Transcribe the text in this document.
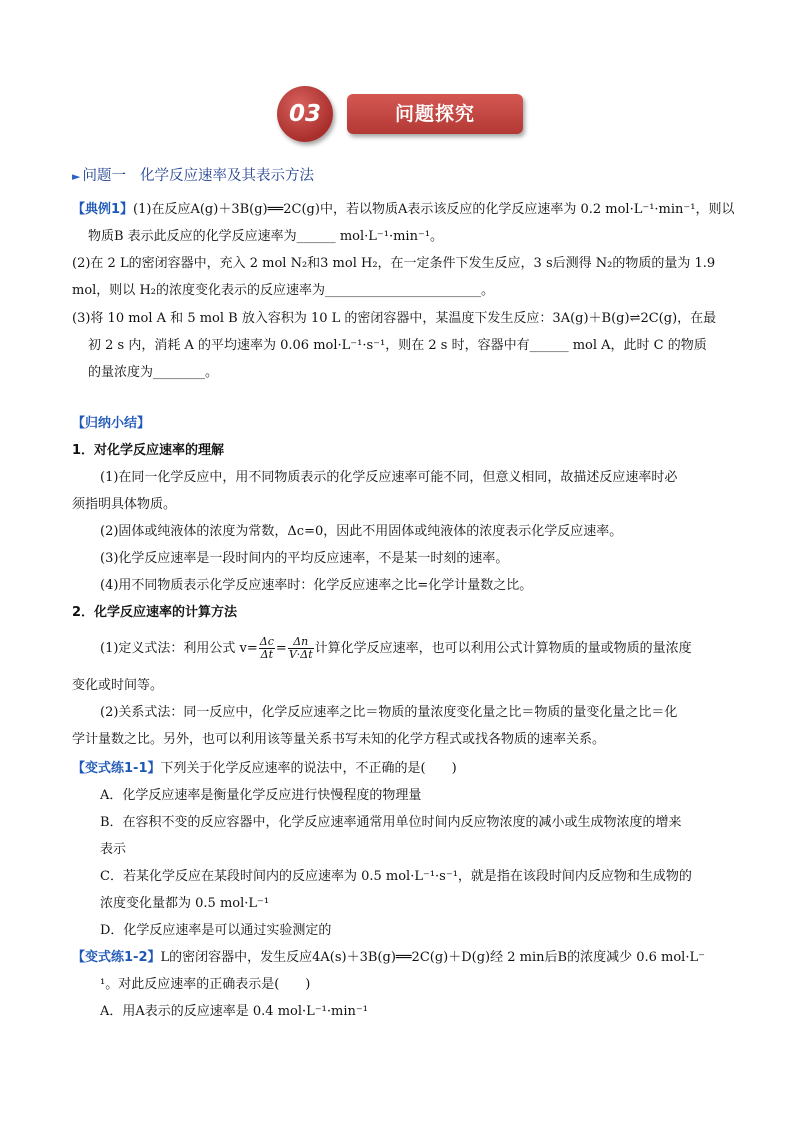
03	问题探究
► 问题一 化学反应速率及其表示方法
【典例1】(1)在反应A(g)＋3B(g)══2C(g)中，若以物质A表示该反应的化学反应速率为 0.2 mol·L⁻¹·min⁻¹，则以
物质B 表示此反应的化学反应速率为______ mol·L⁻¹·min⁻¹。
(2)在 2 L的密闭容器中，充入 2 mol N₂和3 mol H₂，在一定条件下发生反应，3 s后测得 N₂的物质的量为 1.9
mol，则以 H₂的浓度变化表示的反应速率为________________________。
(3)将 10 mol A 和 5 mol B 放入容积为 10 L 的密闭容器中，某温度下发生反应：3A(g)＋B(g)⇌2C(g)，在最
初 2 s 内，消耗 A 的平均速率为 0.06 mol·L⁻¹·s⁻¹，则在 2 s 时，容器中有______ mol A，此时 C 的物质
的量浓度为________。
【归纳小结】
1．对化学反应速率的理解
(1)在同一化学反应中，用不同物质表示的化学反应速率可能不同，但意义相同，故描述反应速率时必
须指明具体物质。
(2)固体或纯液体的浓度为常数，Δc=0，因此不用固体或纯液体的浓度表示化学反应速率。
(3)化学反应速率是一段时间内的平均反应速率，不是某一时刻的速率。
(4)用不同物质表示化学反应速率时：化学反应速率之比=化学计量数之比。
2．化学反应速率的计算方法
(1)定义式法：利用公式 $v= \frac{\Delta c}{\Delta t} = \frac{\Delta n}{V\cdot\Delta t}$ 计算化学反应速率，也可以利用公式计算物质的量或物质的量浓度
变化或时间等。
(2)关系式法：同一反应中，化学反应速率之比＝物质的量浓度变化量之比＝物质的量变化量之比＝化
学计量数之比。另外，也可以利用该等量关系书写未知的化学方程式或找各物质的速率关系。
【变式练1-1】下列关于化学反应速率的说法中，不正确的是(　　)
A．化学反应速率是衡量化学反应进行快慢程度的物理量
B．在容积不变的反应容器中，化学反应速率通常用单位时间内反应物浓度的减小或生成物浓度的增来
表示
C．若某化学反应在某段时间内的反应速率为 0.5 mol·L⁻¹·s⁻¹，就是指在该段时间内反应物和生成物的
浓度变化量都为 0.5 mol·L⁻¹
D．化学反应速率是可以通过实验测定的
【变式练1-2】L的密闭容器中，发生反应4A(s)＋3B(g)══2C(g)＋D(g)经 2 min后B的浓度减少 0.6 mol·L⁻
¹。对此反应速率的正确表示是(　　)
A．用A表示的反应速率是 0.4 mol·L⁻¹·min⁻¹
